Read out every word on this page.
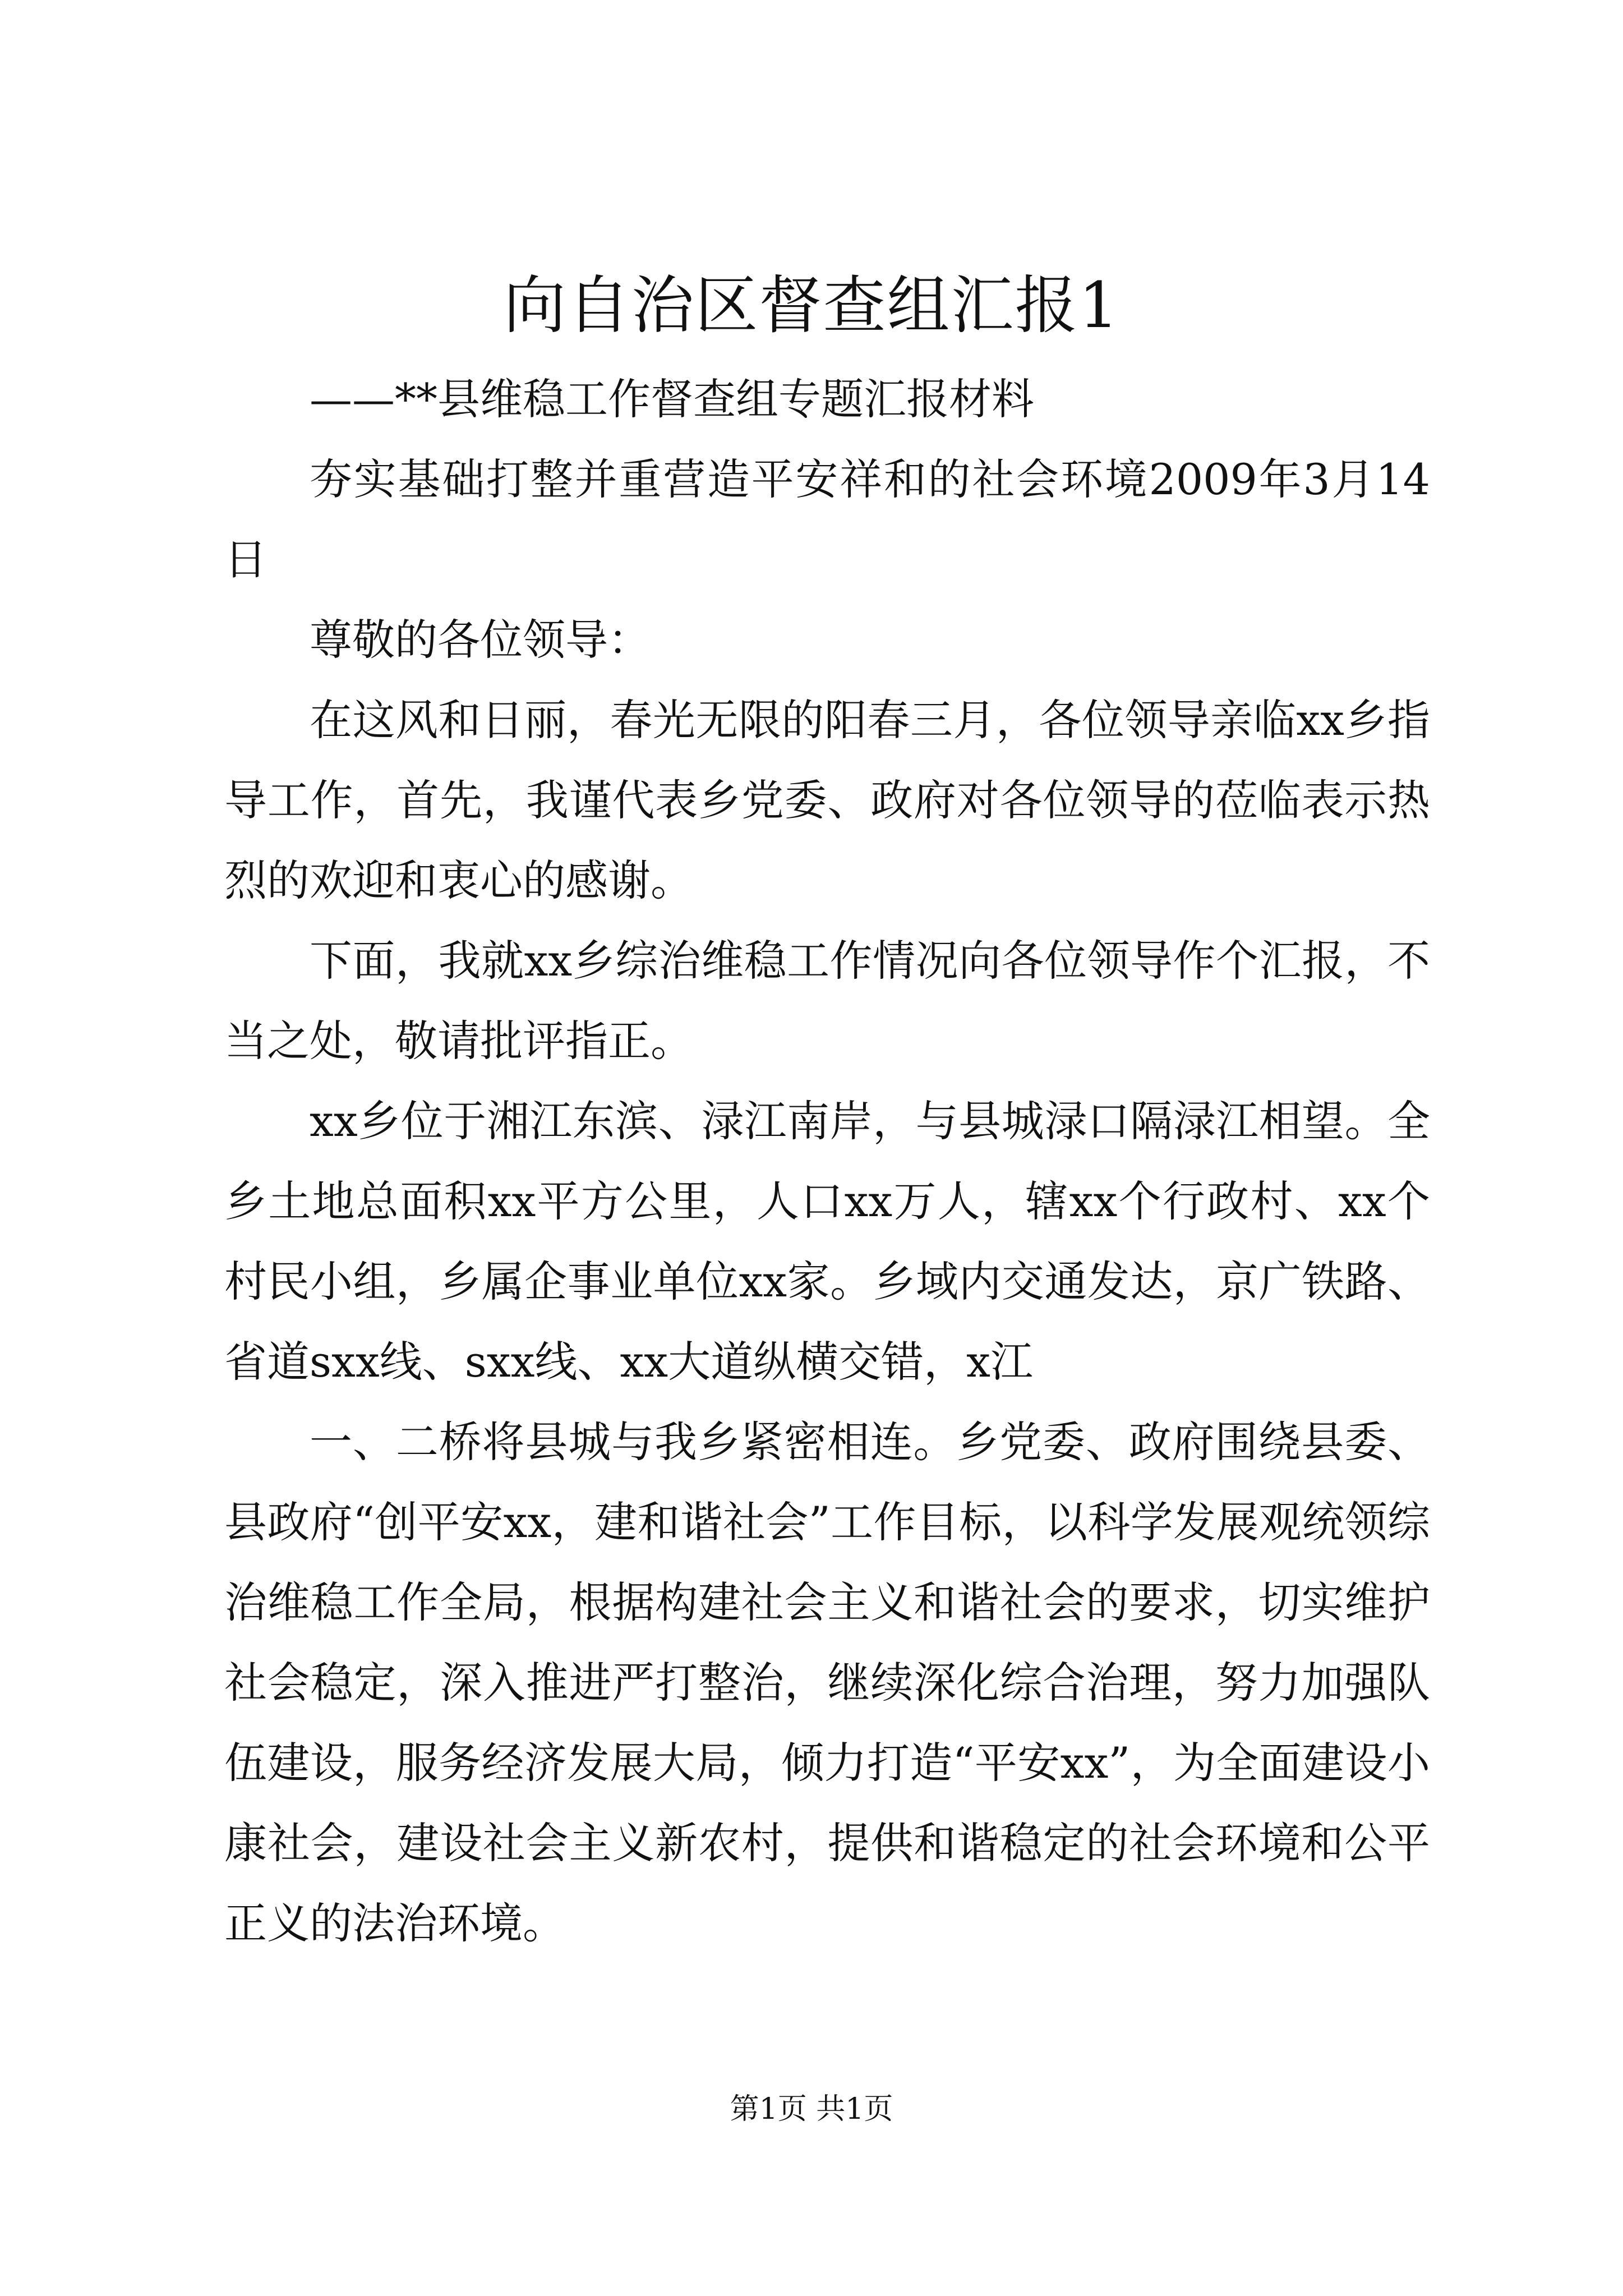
向自治区督查组汇报1

——**县维稳工作督查组专题汇报材料

夯实基础打整并重营造平安祥和的社会环境2009年3月14日

尊敬的各位领导：

在这风和日丽，春光无限的阳春三月，各位领导亲临xx乡指导工作，首先，我谨代表乡党委、政府对各位领导的莅临表示热烈的欢迎和衷心的感谢。

下面，我就xx乡综治维稳工作情况向各位领导作个汇报，不当之处，敬请批评指正。

xx乡位于湘江东滨、渌江南岸，与县城渌口隔渌江相望。全乡土地总面积xx平方公里，人口xx万人，辖xx个行政村、xx个村民小组，乡属企事业单位xx家。乡域内交通发达，京广铁路、省道sxx线、sxx线、xx大道纵横交错，x江

一、二桥将县城与我乡紧密相连。乡党委、政府围绕县委、县政府“创平安xx，建和谐社会”工作目标，以科学发展观统领综治维稳工作全局，根据构建社会主义和谐社会的要求，切实维护社会稳定，深入推进严打整治，继续深化综合治理，努力加强队伍建设，服务经济发展大局，倾力打造“平安xx”，为全面建设小康社会，建设社会主义新农村，提供和谐稳定的社会环境和公平正义的法治环境。

第1页 共1页
